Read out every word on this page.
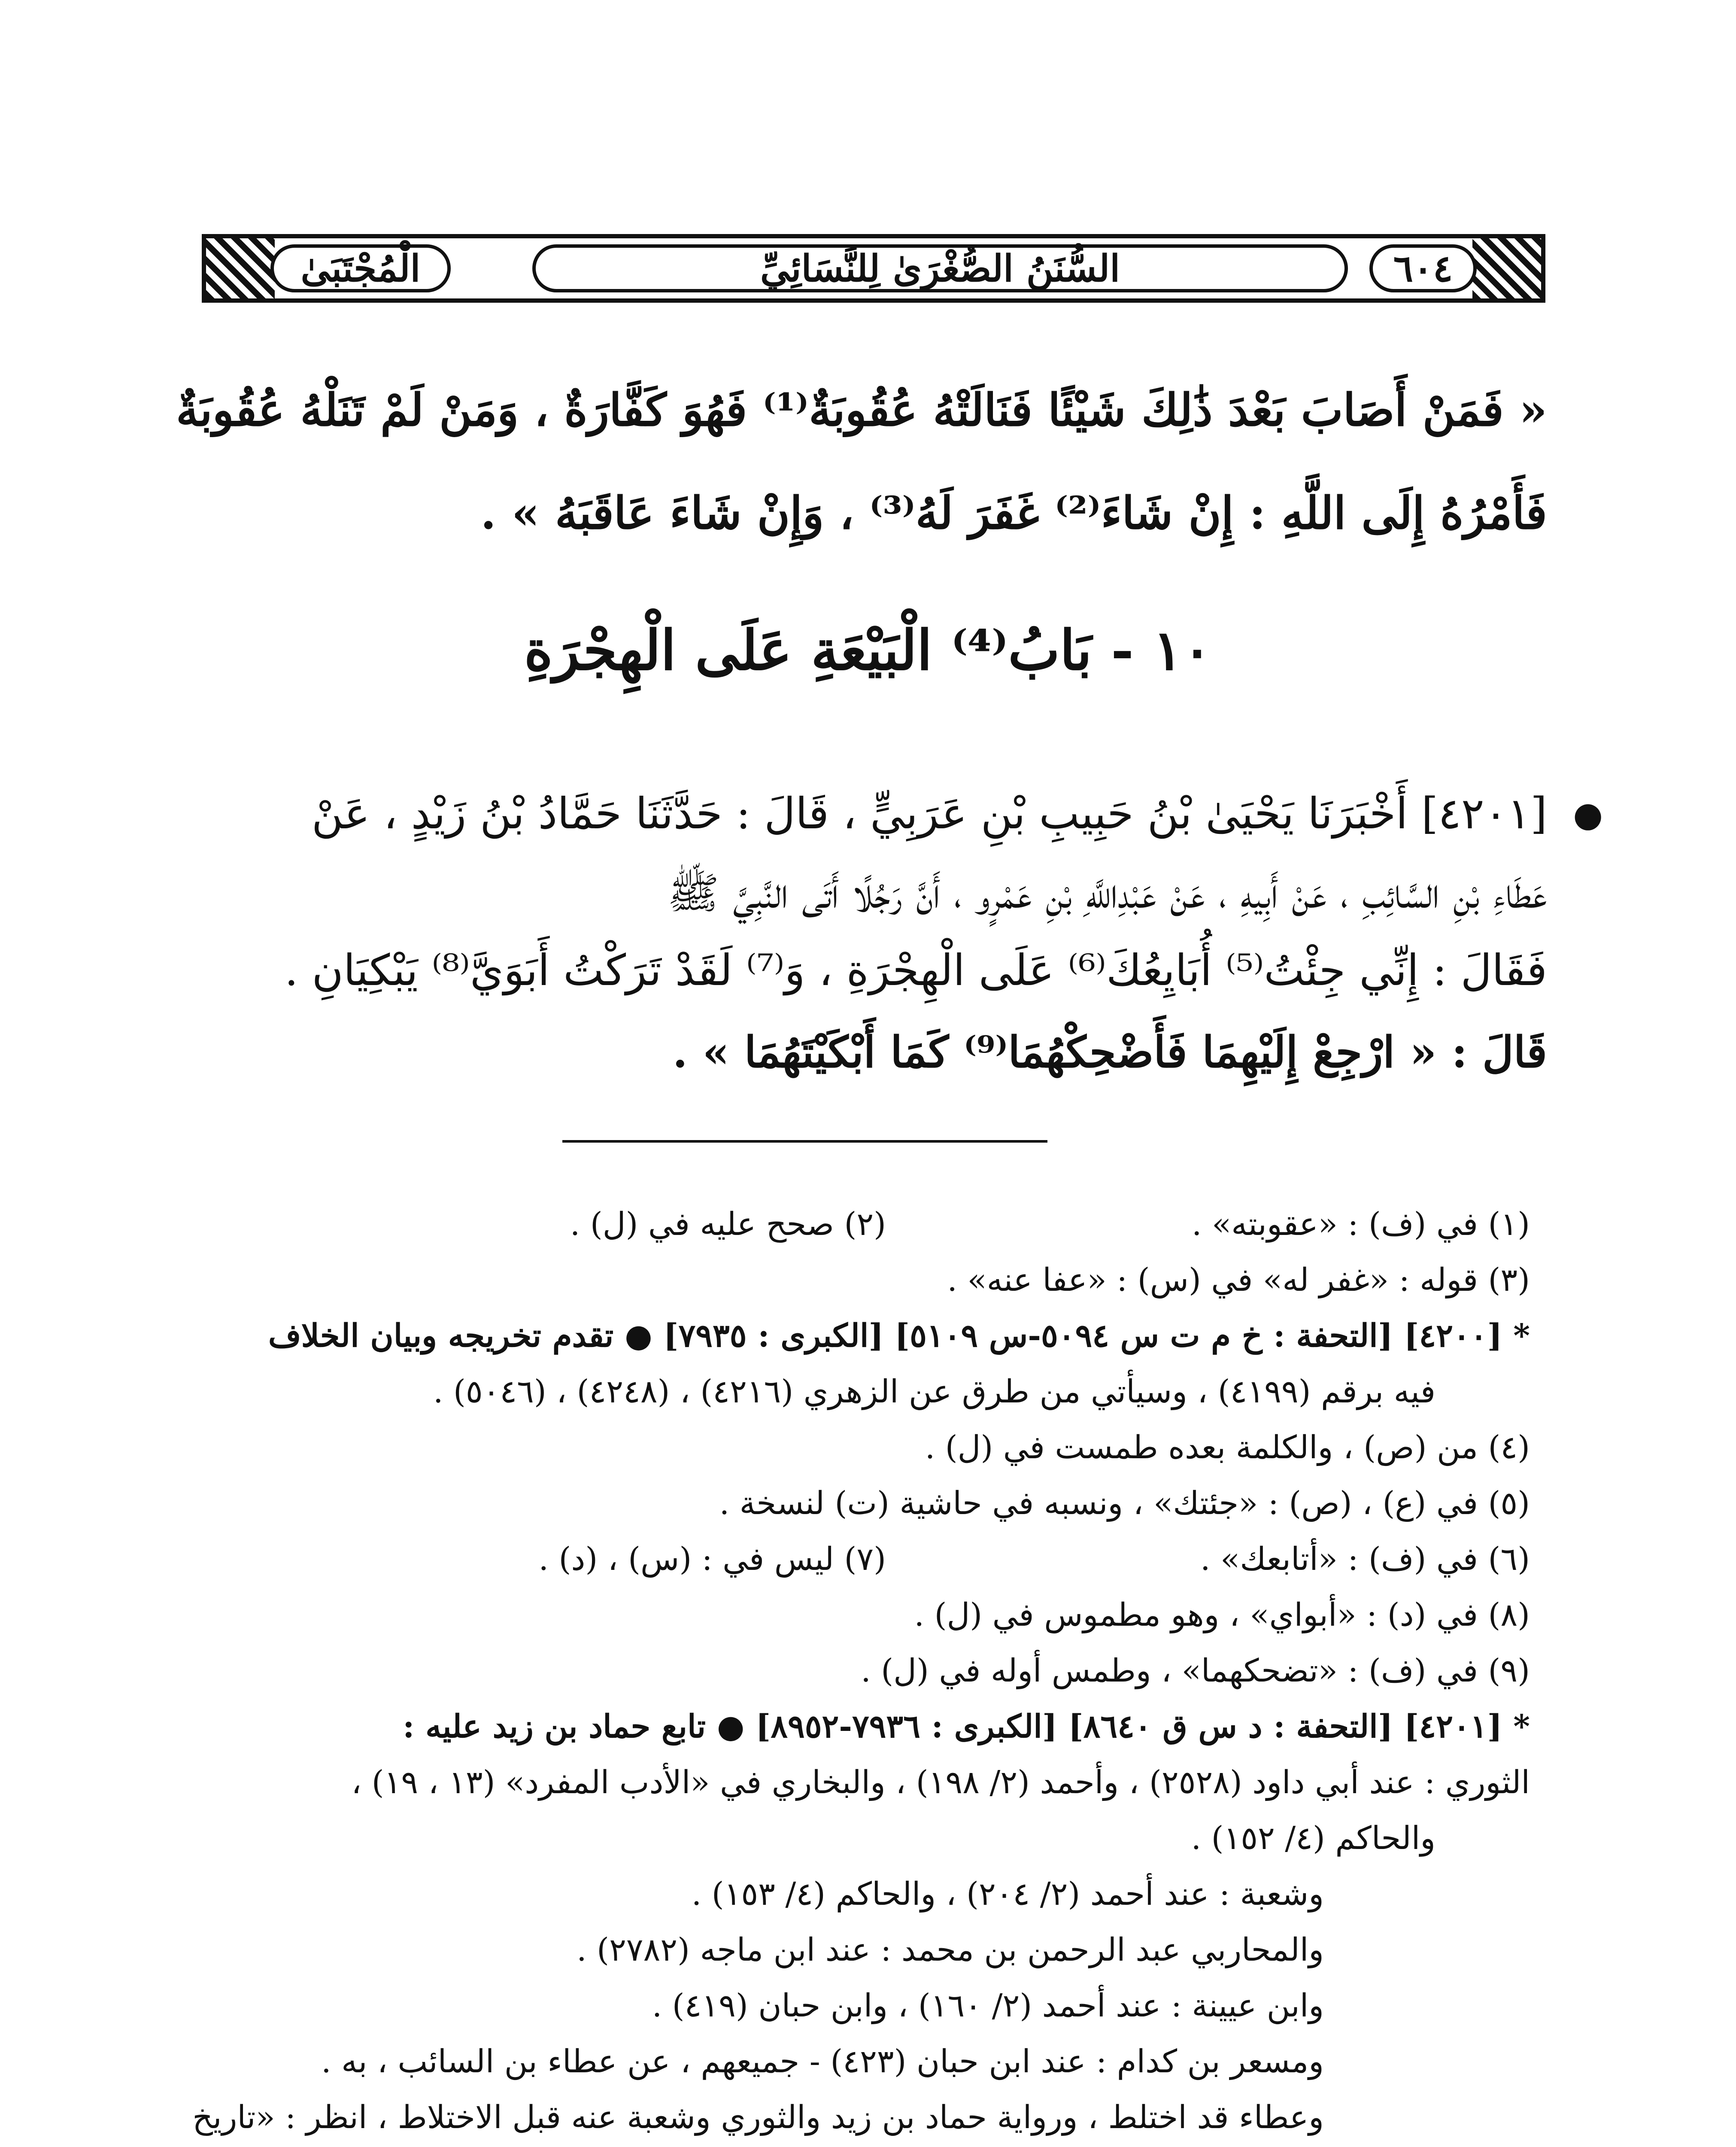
٦٠٤
السُّنَنُ الصُّغْرَىٰ لِلنَّسَائِيِّ
الْمُجْتَبَىٰ
« فَمَنْ أَصَابَ بَعْدَ ذَٰلِكَ شَيْئًا فَنَالَتْهُ عُقُوبَةٌ⁽¹⁾ فَهُوَ كَفَّارَةٌ ، وَمَنْ لَمْ تَنَلْهُ عُقُوبَةٌ
فَأَمْرُهُ إِلَى اللَّهِ : إِنْ شَاءَ⁽²⁾ غَفَرَ لَهُ⁽³⁾ ، وَإِنْ شَاءَ عَاقَبَهُ » .
١٠ - بَابُ⁽⁴⁾ الْبَيْعَةِ عَلَى الْهِجْرَةِ
●
[٤٢٠١] أَخْبَرَنَا يَحْيَىٰ بْنُ حَبِيبِ بْنِ عَرَبِيٍّ ، قَالَ : حَدَّثَنَا حَمَّادُ بْنُ زَيْدٍ ، عَنْ
عَطَاءِ بْنِ السَّائِبِ ، عَنْ أَبِيهِ ، عَنْ عَبْدِاللَّهِ بْنِ عَمْرٍو ، أَنَّ رَجُلًا أَتَى النَّبِيَّ ﷺ
فَقَالَ : إِنِّي جِئْتُ⁽⁵⁾ أُبَايِعُكَ⁽⁶⁾ عَلَى الْهِجْرَةِ ، وَ⁽⁷⁾ لَقَدْ تَرَكْتُ أَبَوَيَّ⁽⁸⁾ يَبْكِيَانِ .
قَالَ : « ارْجِعْ إِلَيْهِمَا فَأَضْحِكْهُمَا⁽⁹⁾ كَمَا أَبْكَيْتَهُمَا » .
(١) في (ف) : «عقوبته» .
(٢) صحح عليه في (ل) .
(٣) قوله : «غفر له» في (س) : «عفا عنه» .
* [٤٢٠٠] [التحفة : خ م ت س ٥٠٩٤-س ٥١٠٩] [الكبرى : ٧٩٣٥] ● تقدم تخريجه وبيان الخلاف
فيه برقم (٤١٩٩) ، وسيأتي من طرق عن الزهري (٤٢١٦) ، (٤٢٤٨) ، (٥٠٤٦) .
(٤) من (ص) ، والكلمة بعده طمست في (ل) .
(٥) في (ع) ، (ص) : «جئتك» ، ونسبه في حاشية (ت) لنسخة .
(٦) في (ف) : «أتابعك» .
(٧) ليس في : (س) ، (د) .
(٨) في (د) : «أبواي» ، وهو مطموس في (ل) .
(٩) في (ف) : «تضحكهما» ، وطمس أوله في (ل) .
* [٤٢٠١] [التحفة : د س ق ٨٦٤٠] [الكبرى : ٧٩٣٦-٨٩٥٢] ● تابع حماد بن زيد عليه :
الثوري : عند أبي داود (٢٥٢٨) ، وأحمد (٢/ ١٩٨) ، والبخاري في «الأدب المفرد» (١٣ ، ١٩) ،
والحاكم (٤/ ١٥٢) .
وشعبة : عند أحمد (٢/ ٢٠٤) ، والحاكم (٤/ ١٥٣) .
والمحاربي عبد الرحمن بن محمد : عند ابن ماجه (٢٧٨٢) .
وابن عيينة : عند أحمد (٢/ ١٦٠) ، وابن حبان (٤١٩) .
ومسعر بن كدام : عند ابن حبان (٤٢٣) - جميعهم ، عن عطاء بن السائب ، به .
وعطاء قد اختلط ، ورواية حماد بن زيد والثوري وشعبة عنه قبل الاختلاط ، انظر : «تاريخ
